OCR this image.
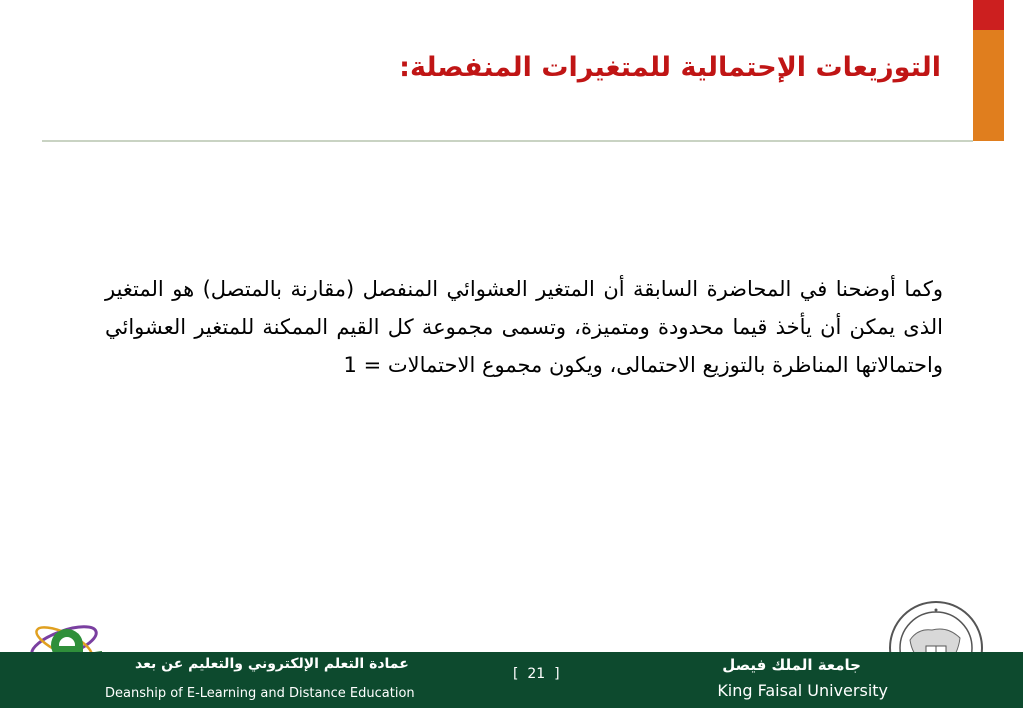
التوزيعات الإحتمالية للمتغيرات المنفصلة:
وكما أوضحنا في المحاضرة السابقة أن المتغير العشوائي المنفصل (مقارنة بالمتصل) هو المتغير الذى يمكن أن يأخذ قيما محدودة ومتميزة، وتسمى مجموعة كل القيم الممكنة للمتغير العشوائي واحتمالاتها المناظرة بالتوزيع الاحتمالى، ويكون مجموع الاحتمالات = 1
عمادة التعلم الإلكتروني والتعليم عن بعد
Deanship of E-Learning and Distance Education
[  21  ]	جامعة الملك فيصل
King Faisal University
